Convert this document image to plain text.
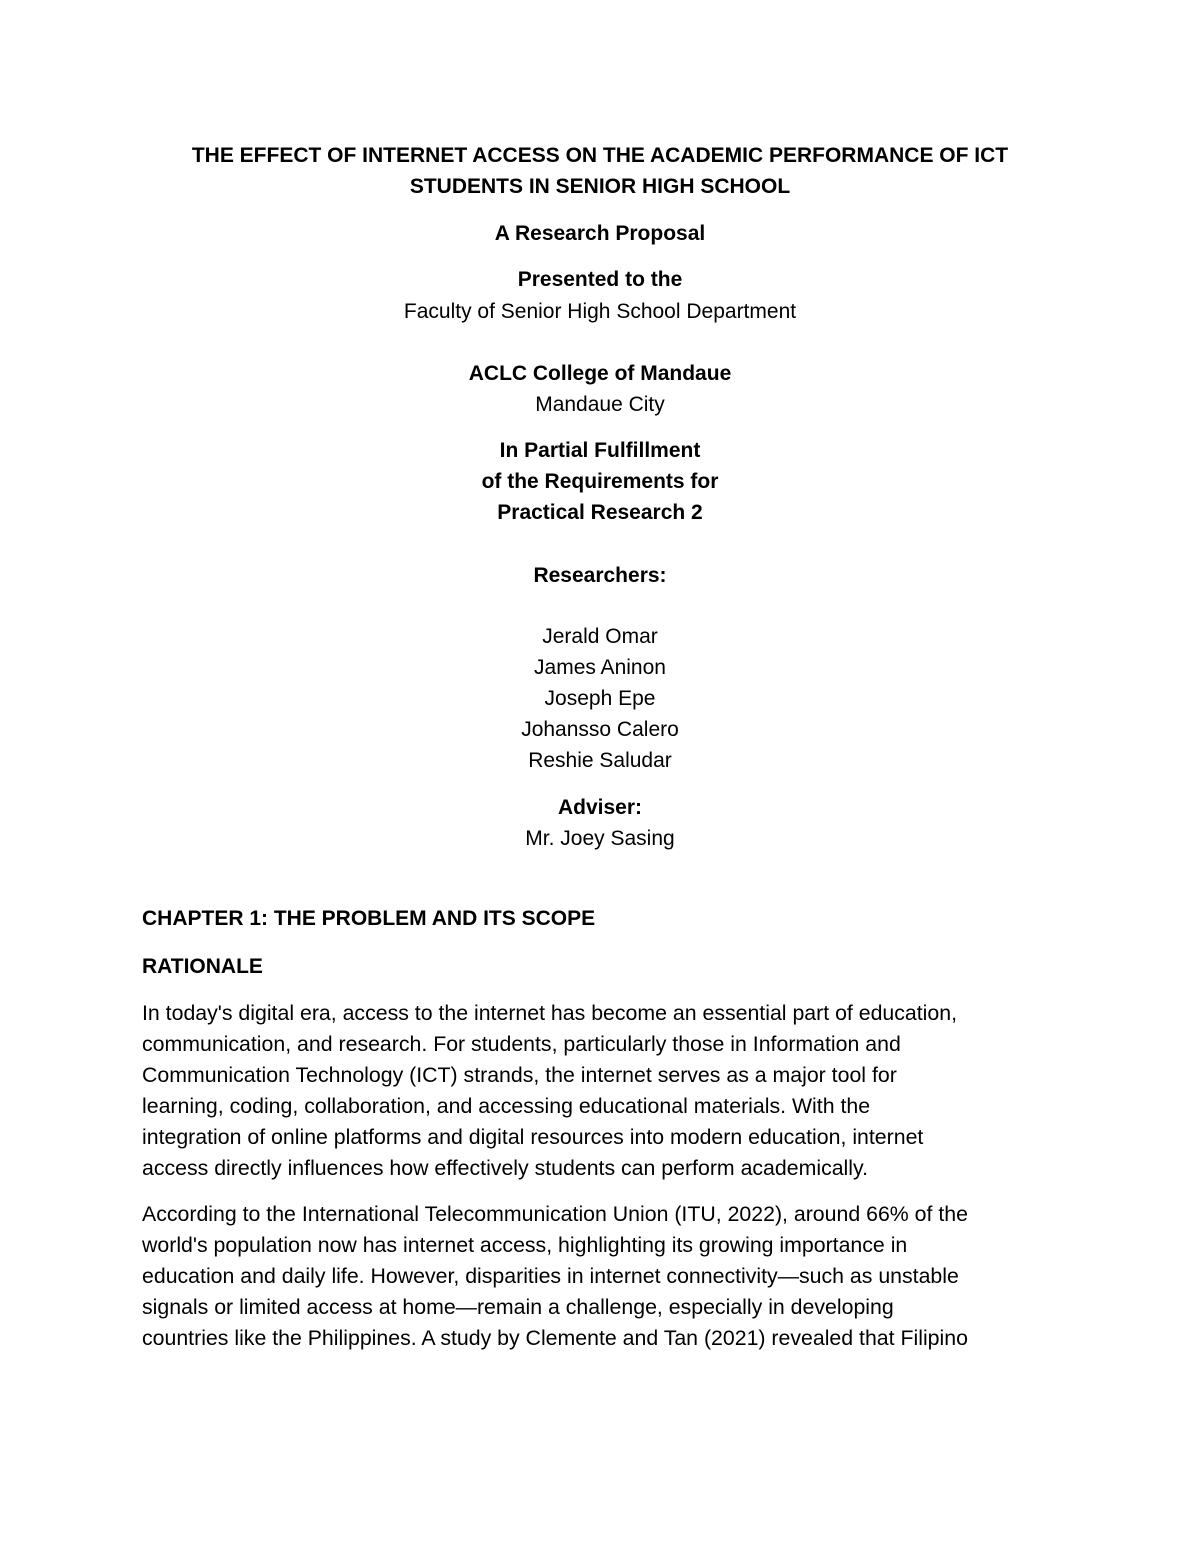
THE EFFECT OF INTERNET ACCESS ON THE ACADEMIC PERFORMANCE OF ICT
STUDENTS IN SENIOR HIGH SCHOOL

A Research Proposal

Presented to the

Faculty of Senior High School Department

ACLC College of Mandaue

Mandaue City

In Partial Fulfillment

of the Requirements for

Practical Research 2

Researchers:

Jerald Omar
James Aninon
Joseph Epe
Johansso Calero
Reshie Saludar

Adviser:

Mr. Joey Sasing

CHAPTER 1: THE PROBLEM AND ITS SCOPE
RATIONALE
In today's digital era, access to the internet has become an essential part of education,
communication, and research. For students, particularly those in Information and
Communication Technology (ICT) strands, the internet serves as a major tool for
learning, coding, collaboration, and accessing educational materials. With the
integration of online platforms and digital resources into modern education, internet
access directly influences how effectively students can perform academically.
According to the International Telecommunication Union (ITU, 2022), around 66% of the
world's population now has internet access, highlighting its growing importance in
education and daily life. However, disparities in internet connectivity—such as unstable
signals or limited access at home—remain a challenge, especially in developing
countries like the Philippines. A study by Clemente and Tan (2021) revealed that Filipino
